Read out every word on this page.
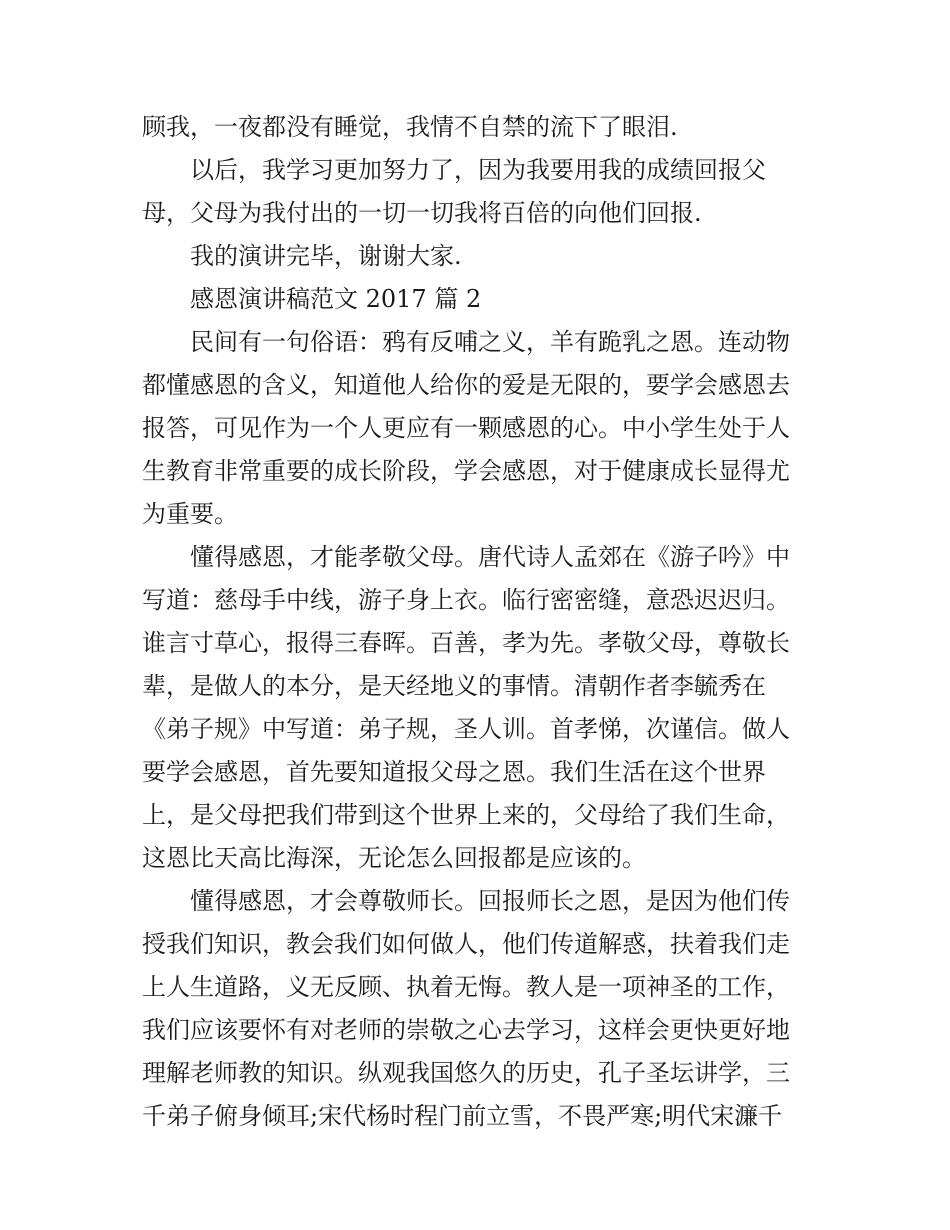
顾我，一夜都没有睡觉，我情不自禁的流下了眼泪.
以后，我学习更加努力了，因为我要用我的成绩回报父
母，父母为我付出的一切一切我将百倍的向他们回报.
我的演讲完毕，谢谢大家.
感恩演讲稿范文 2017 篇 2
民间有一句俗语：鸦有反哺之义，羊有跪乳之恩。连动物
都懂感恩的含义，知道他人给你的爱是无限的，要学会感恩去
报答，可见作为一个人更应有一颗感恩的心。中小学生处于人
生教育非常重要的成长阶段，学会感恩，对于健康成长显得尤
为重要。
懂得感恩，才能孝敬父母。唐代诗人孟郊在《游子吟》中
写道：慈母手中线，游子身上衣。临行密密缝，意恐迟迟归。
谁言寸草心，报得三春晖。百善，孝为先。孝敬父母，尊敬长
辈，是做人的本分，是天经地义的事情。清朝作者李毓秀在
《弟子规》中写道：弟子规，圣人训。首孝悌，次谨信。做人
要学会感恩，首先要知道报父母之恩。我们生活在这个世界
上，是父母把我们带到这个世界上来的，父母给了我们生命，
这恩比天高比海深，无论怎么回报都是应该的。
懂得感恩，才会尊敬师长。回报师长之恩，是因为他们传
授我们知识，教会我们如何做人，他们传道解惑，扶着我们走
上人生道路，义无反顾、执着无悔。教人是一项神圣的工作，
我们应该要怀有对老师的崇敬之心去学习，这样会更快更好地
理解老师教的知识。纵观我国悠久的历史，孔子圣坛讲学，三
千弟子俯身倾耳;宋代杨时程门前立雪，不畏严寒;明代宋濂千
